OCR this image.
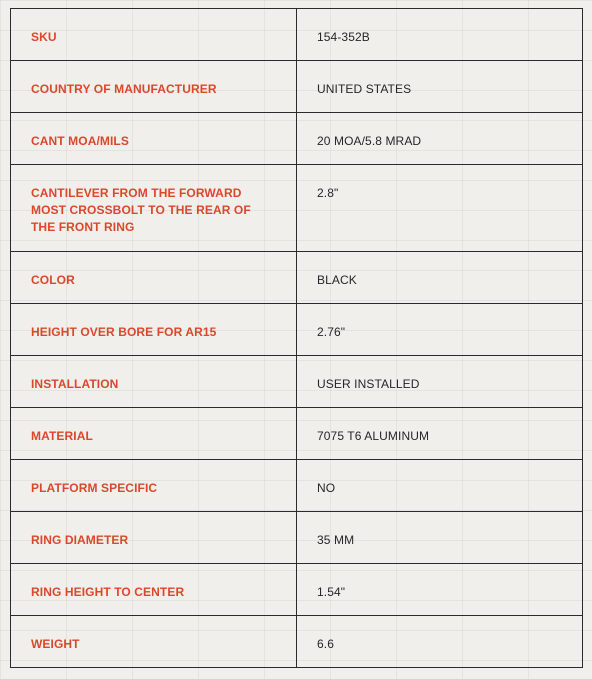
SKU	154-352B

COUNTRY OF MANUFACTURER	UNITED STATES

CANT MOA/MILS	20 MOA/5.8 MRAD

CANTILEVER FROM THE FORWARD MOST CROSSBOLT TO THE REAR OF THE FRONT RING	2.8"

COLOR	BLACK

HEIGHT OVER BORE FOR AR15	2.76"

INSTALLATION	USER INSTALLED

MATERIAL	7075 T6 ALUMINUM

PLATFORM SPECIFIC	NO

RING DIAMETER	35 MM

RING HEIGHT TO CENTER	1.54"

WEIGHT	6.6
